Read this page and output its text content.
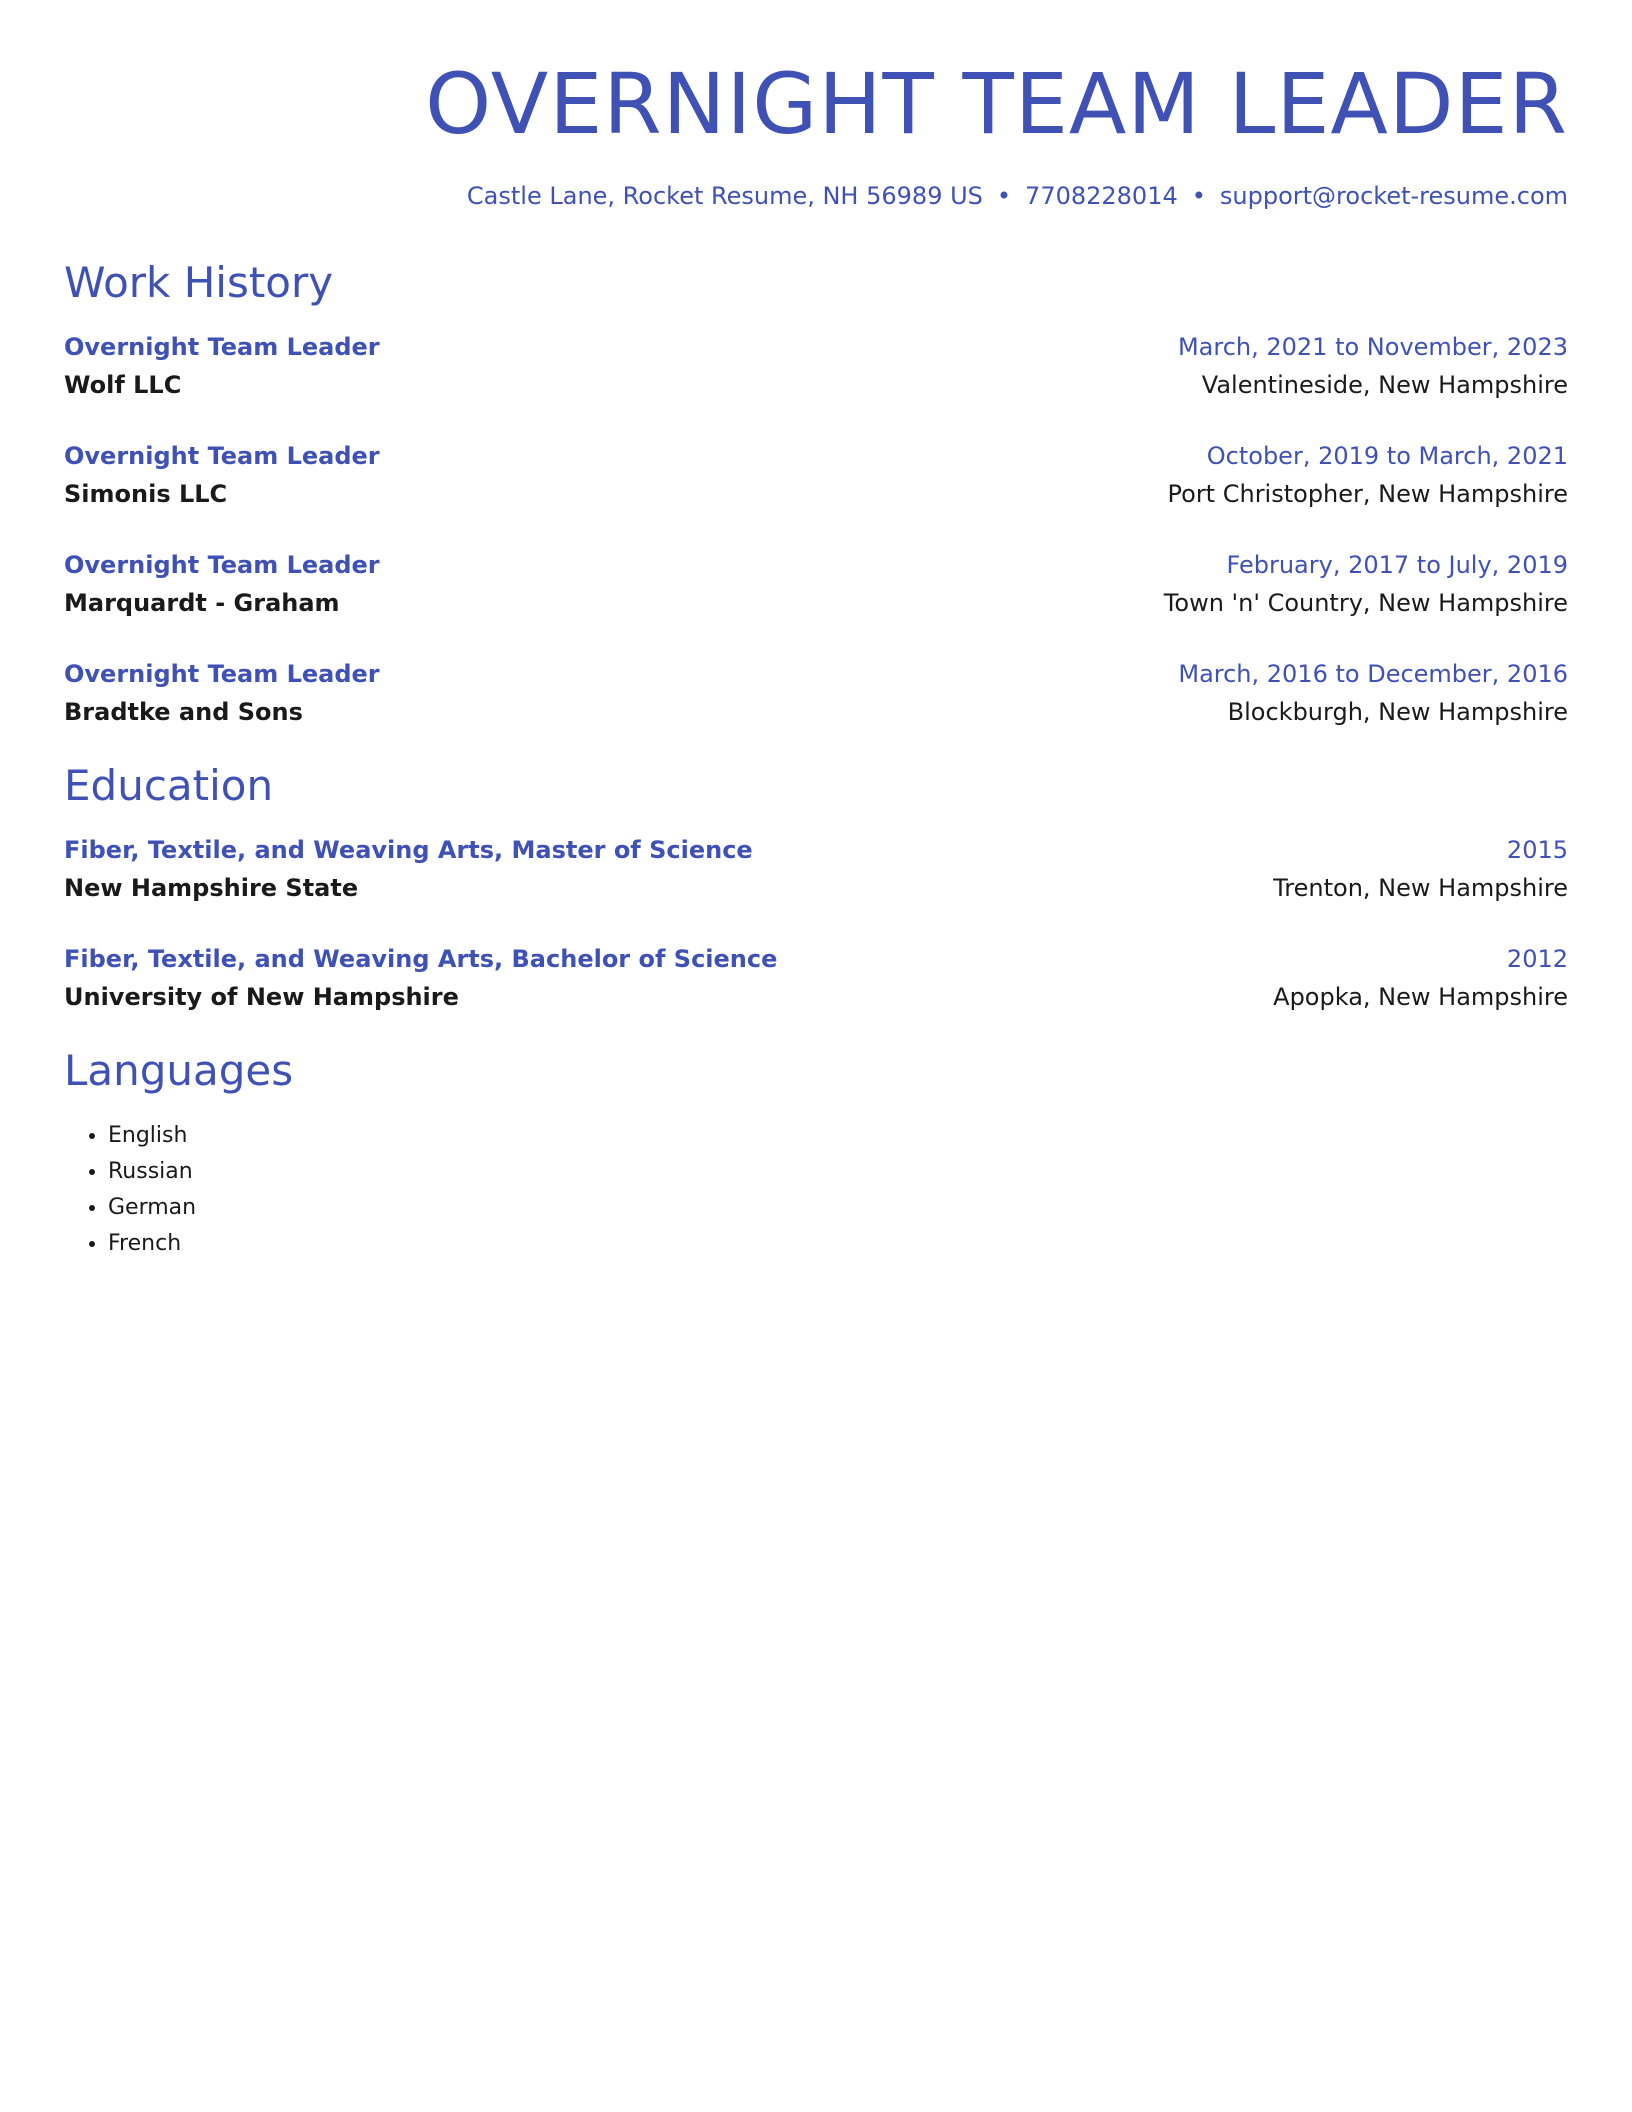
OVERNIGHT TEAM LEADER
Castle Lane, Rocket Resume, NH 56989 US • 7708228014 • support@rocket-resume.com
Work History
Overnight Team Leader	March, 2021 to November, 2023
Wolf LLC	Valentineside, New Hampshire
Overnight Team Leader	October, 2019 to March, 2021
Simonis LLC	Port Christopher, New Hampshire
Overnight Team Leader	February, 2017 to July, 2019
Marquardt - Graham	Town 'n' Country, New Hampshire
Overnight Team Leader	March, 2016 to December, 2016
Bradtke and Sons	Blockburgh, New Hampshire
Education
Fiber, Textile, and Weaving Arts, Master of Science	2015
New Hampshire State	Trenton, New Hampshire
Fiber, Textile, and Weaving Arts, Bachelor of Science	2012
University of New Hampshire	Apopka, New Hampshire
Languages
• English
• Russian
• German
• French
